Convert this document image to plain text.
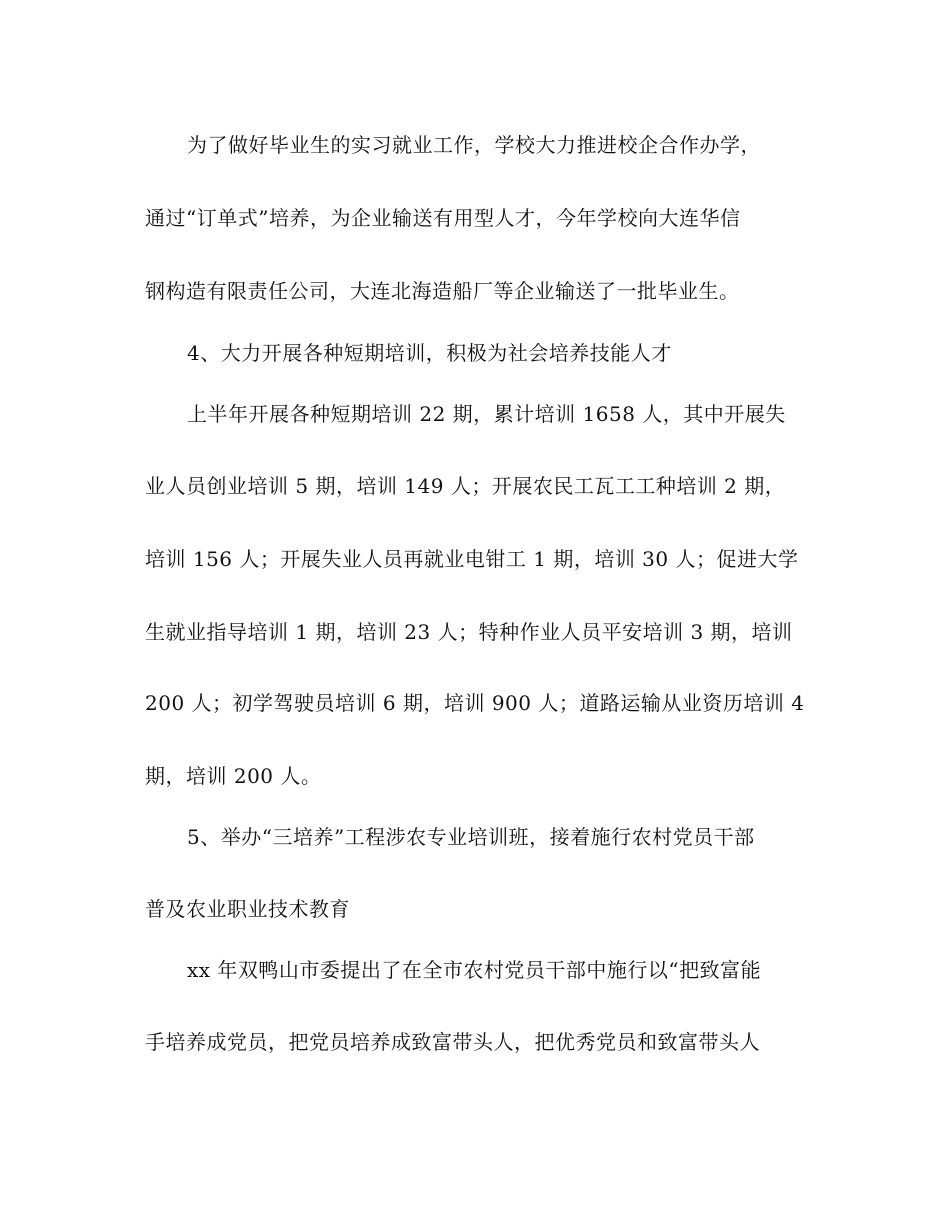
为了做好毕业生的实习就业工作，学校大力推进校企合作办学，
通过“订单式”培养，为企业输送有用型人才，今年学校向大连华信
钢构造有限责任公司，大连北海造船厂等企业输送了一批毕业生。
4、大力开展各种短期培训，积极为社会培养技能人才
上半年开展各种短期培训 22 期，累计培训 1658 人，其中开展失
业人员创业培训 5 期，培训 149 人；开展农民工瓦工工种培训 2 期，
培训 156 人；开展失业人员再就业电钳工 1 期，培训 30 人；促进大学
生就业指导培训 1 期，培训 23 人；特种作业人员平安培训 3 期，培训
200 人；初学驾驶员培训 6 期，培训 900 人；道路运输从业资历培训 4
期，培训 200 人。
5、举办“三培养”工程涉农专业培训班，接着施行农村党员干部
普及农业职业技术教育
xx 年双鸭山市委提出了在全市农村党员干部中施行以“把致富能
手培养成党员，把党员培养成致富带头人，把优秀党员和致富带头人
